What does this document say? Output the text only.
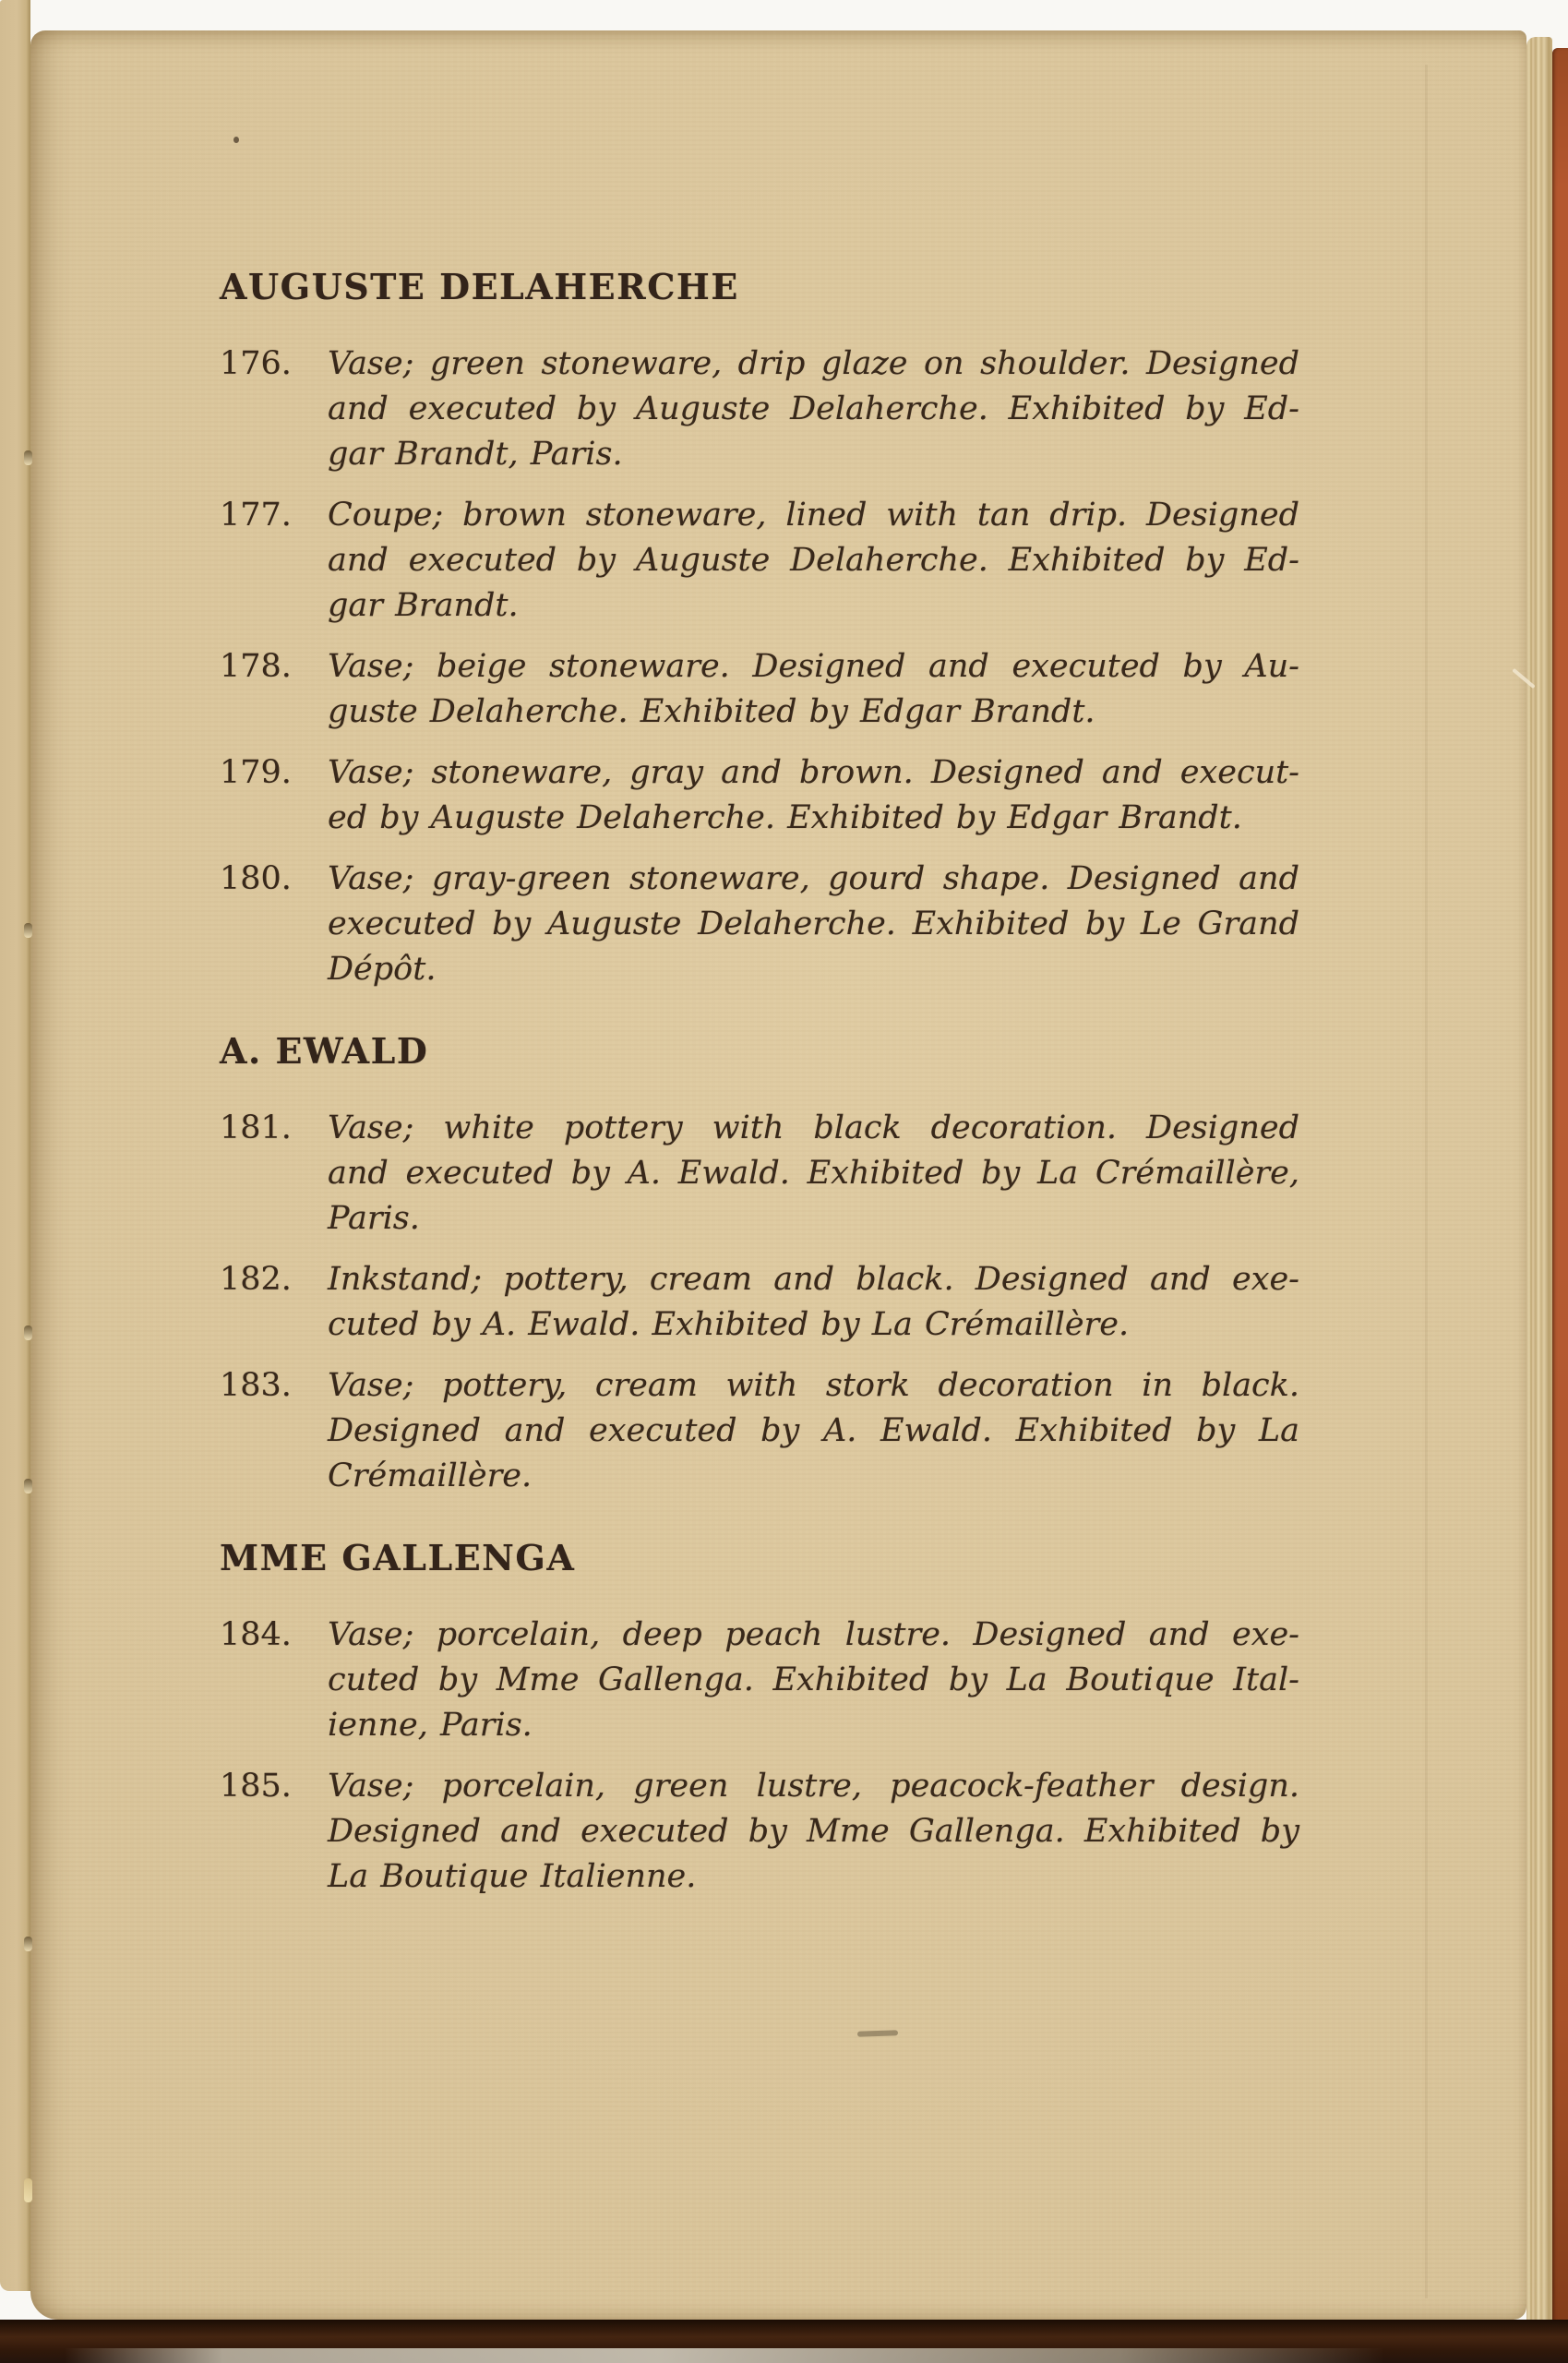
AUGUSTE DELAHERCHE
176.	Vase; green stoneware, drip glaze on shoulder. Designed
and executed by Auguste Delaherche. Exhibited by Ed-
gar Brandt, Paris.
177.	Coupe; brown stoneware, lined with tan drip. Designed
and executed by Auguste Delaherche. Exhibited by Ed-
gar Brandt.
178.	Vase; beige stoneware. Designed and executed by Au-
guste Delaherche. Exhibited by Edgar Brandt.
179.	Vase; stoneware, gray and brown. Designed and execut-
ed by Auguste Delaherche. Exhibited by Edgar Brandt.
180.	Vase; gray-green stoneware, gourd shape. Designed and
executed by Auguste Delaherche. Exhibited by Le Grand
Dépôt.
A. EWALD
181.	Vase; white pottery with black decoration. Designed
and executed by A. Ewald. Exhibited by La Crémaillère,
Paris.
182.	Inkstand; pottery, cream and black. Designed and exe-
cuted by A. Ewald. Exhibited by La Crémaillère.
183.	Vase; pottery, cream with stork decoration in black.
Designed and executed by A. Ewald. Exhibited by La
Crémaillère.
MME GALLENGA
184.	Vase; porcelain, deep peach lustre. Designed and exe-
cuted by Mme Gallenga. Exhibited by La Boutique Ital-
ienne, Paris.
185.	Vase; porcelain, green lustre, peacock-feather design.
Designed and executed by Mme Gallenga. Exhibited by
La Boutique Italienne.
